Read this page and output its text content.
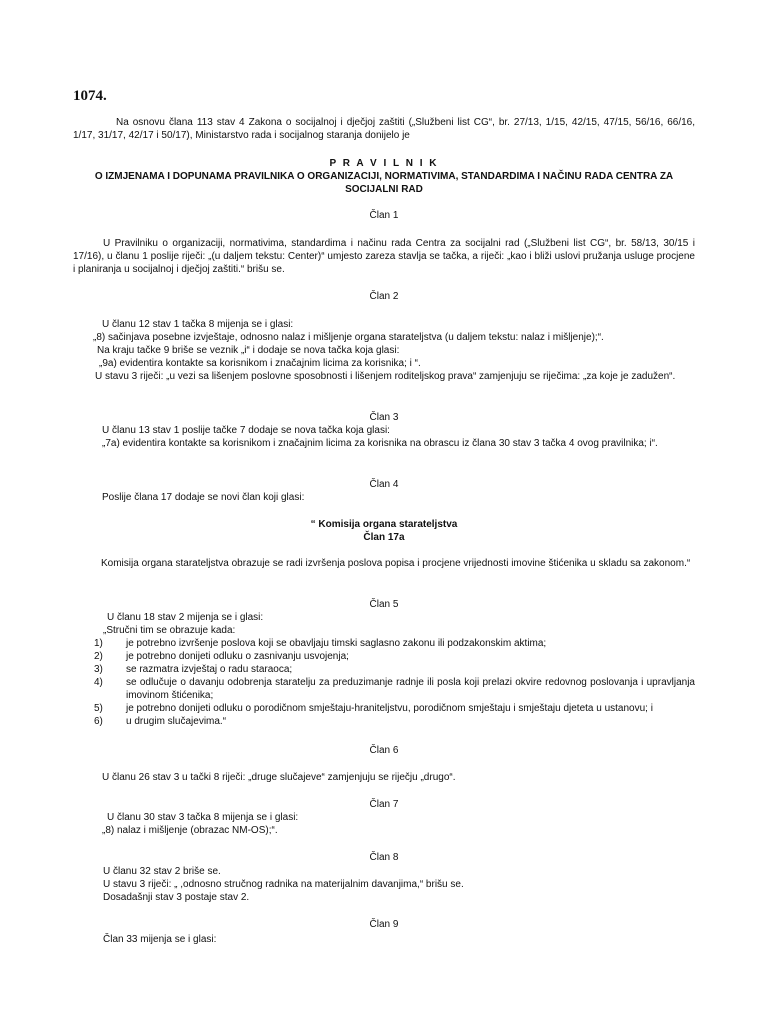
1074.
Na osnovu člana 113 stav 4 Zakona o socijalnoj i dječjoj zaštiti („Službeni list CG“, br. 27/13, 1/15, 42/15, 47/15, 56/16, 66/16, 1/17, 31/17, 42/17 i 50/17), Ministarstvo rada i socijalnog staranja donijelo je
P R A V I L N I K
O IZMJENAMA I DOPUNAMA PRAVILNIKA O ORGANIZACIJI, NORMATIVIMA, STANDARDIMA I NAČINU RADA CENTRA ZA SOCIJALNI RAD
Član 1
U Pravilniku o organizaciji, normativima, standardima i načinu rada Centra za socijalni rad („Službeni list CG“, br. 58/13, 30/15 i 17/16), u članu 1 poslije riječi: „(u daljem tekstu: Center)“ umjesto zareza stavlja se tačka, a riječi: „kao i bliži uslovi pružanja usluge procjene i planiranja u socijalnoj i dječjoj zaštiti.“ brišu se.
Član 2
U članu 12 stav 1 tačka 8 mijenja se i glasi:
„8) sačinjava posebne izvještaje, odnosno nalaz i mišljenje organa starateljstva (u daljem tekstu: nalaz i mišljenje);“.
Na kraju tačke 9 briše se veznik „i“ i dodaje se nova tačka koja glasi:
„9a) evidentira kontakte sa korisnikom i značajnim licima za korisnika; i “.
U stavu 3 riječi: „u vezi sa lišenjem poslovne sposobnosti i lišenjem roditeljskog prava“ zamjenjuju se riječima: „za koje je zadužen“.
Član 3
U članu 13 stav 1 poslije tačke 7 dodaje se nova tačka koja glasi:
„7a) evidentira kontakte sa korisnikom i značajnim licima za korisnika na obrascu iz člana 30 stav 3 tačka 4 ovog pravilnika; i“.
Član 4
Poslije člana 17 dodaje se novi član koji glasi:
“ Komisija organa starateljstva
Član 17a
Komisija organa starateljstva obrazuje se radi izvršenja poslova popisa i procjene vrijednosti imovine štićenika u skladu sa zakonom.“
Član 5
U članu 18 stav 2 mijenja se i glasi:
„Stručni tim se obrazuje kada:
1)	je potrebno izvršenje poslova koji se obavljaju timski saglasno zakonu ili podzakonskim aktima;
2)	je potrebno donijeti odluku o zasnivanju usvojenja;
3)	se razmatra izvještaj o radu staraoca;
4)	se odlučuje o davanju odobrenja staratelju za preduzimanje radnje ili posla koji prelazi okvire redovnog poslovanja i upravljanja imovinom štićenika;
5)	je potrebno donijeti odluku o porodičnom smještaju-hraniteljstvu, porodičnom smještaju i smještaju djeteta u ustanovu; i
6)	u drugim slučajevima.“
Član 6
U članu 26 stav 3 u tački 8 riječi: „druge slučajeve“ zamjenjuju se riječju „drugo“.
Član 7
U članu 30 stav 3 tačka 8 mijenja se i glasi:
„8) nalaz i mišljenje (obrazac NM-OS);“.
Član 8
U članu 32 stav 2 briše se.
U stavu 3 riječi: „ ,odnosno stručnog radnika na materijalnim davanjima,“ brišu se.
Dosadašnji stav 3 postaje stav 2.
Član 9
Član 33 mijenja se i glasi:
